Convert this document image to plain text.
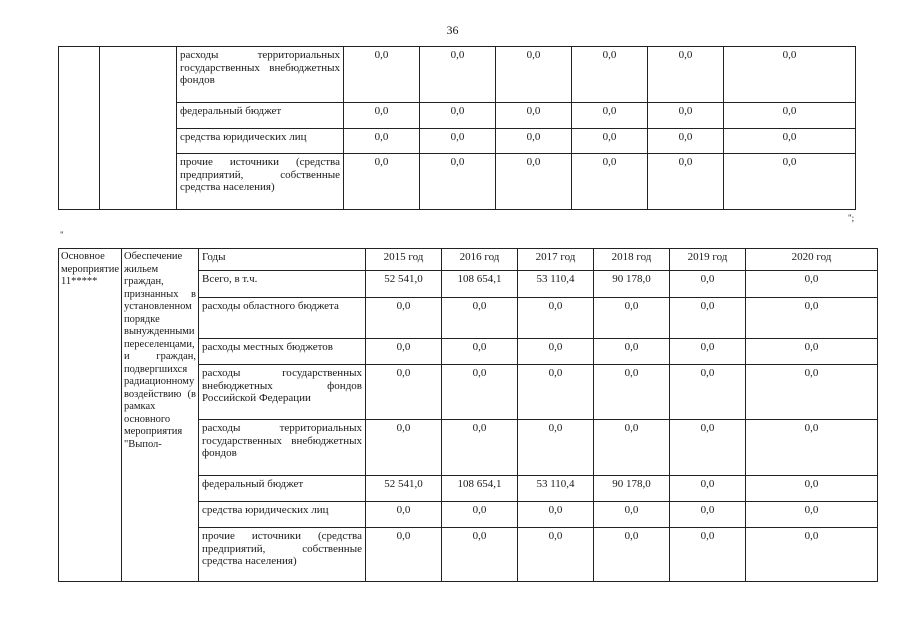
36
		расходы территориальных государственных внебюджетных фондов	0,0	0,0	0,0	0,0	0,0	0,0
		федеральный бюджет	0,0	0,0	0,0	0,0	0,0	0,0
		средства юридических лиц	0,0	0,0	0,0	0,0	0,0	0,0
		прочие источники (средства предприятий, собственные средства населения)	0,0	0,0	0,0	0,0	0,0	0,0
";
"
Основное мероприятие 11*****	Обеспечение жильем граждан, признанных в установленном порядке вынужденными переселенцами, и граждан, подвергшихся радиационному воздействию (в рамках основного мероприятия "Выпол-	Годы	2015 год	2016 год	2017 год	2018 год	2019 год	2020 год
		Всего, в т.ч.	52 541,0	108 654,1	53 110,4	90 178,0	0,0	0,0
		расходы областного бюджета	0,0	0,0	0,0	0,0	0,0	0,0
		расходы местных бюджетов	0,0	0,0	0,0	0,0	0,0	0,0
		расходы государственных внебюджетных фондов Российской Федерации	0,0	0,0	0,0	0,0	0,0	0,0
		расходы территориальных государственных внебюджетных фондов	0,0	0,0	0,0	0,0	0,0	0,0
		федеральный бюджет	52 541,0	108 654,1	53 110,4	90 178,0	0,0	0,0
		средства юридических лиц	0,0	0,0	0,0	0,0	0,0	0,0
		прочие источники (средства предприятий, собственные средства населения)	0,0	0,0	0,0	0,0	0,0	0,0
